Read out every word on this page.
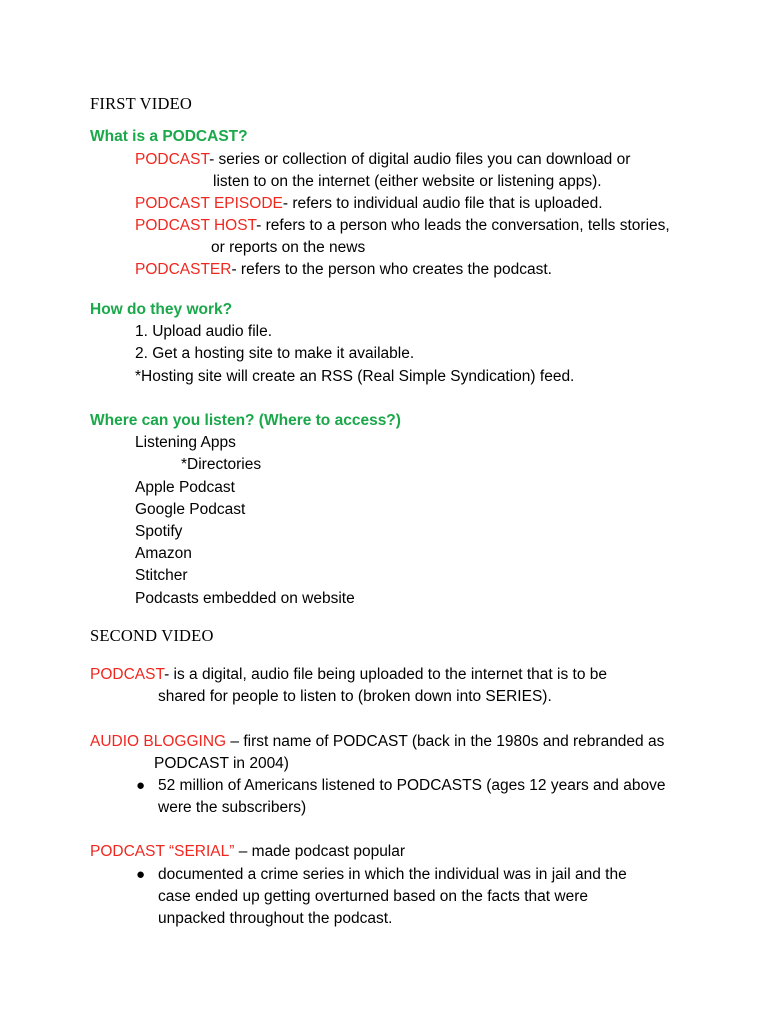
FIRST VIDEO
What is a PODCAST?
PODCAST- series or collection of digital audio files you can download or
listen to on the internet (either website or listening apps).
PODCAST EPISODE- refers to individual audio file that is uploaded.
PODCAST HOST- refers to a person who leads the conversation, tells stories,
or reports on the news
PODCASTER- refers to the person who creates the podcast.
How do they work?
1. Upload audio file.
2. Get a hosting site to make it available.
*Hosting site will create an RSS (Real Simple Syndication) feed.
Where can you listen? (Where to access?)
Listening Apps
*Directories
Apple Podcast
Google Podcast
Spotify
Amazon
Stitcher
Podcasts embedded on website
SECOND VIDEO
PODCAST- is a digital, audio file being uploaded to the internet that is to be
shared for people to listen to (broken down into SERIES).
AUDIO BLOGGING – first name of PODCAST (back in the 1980s and rebranded as
PODCAST in 2004)
● 52 million of Americans listened to PODCASTS (ages 12 years and above
were the subscribers)
PODCAST “SERIAL” – made podcast popular
● documented a crime series in which the individual was in jail and the
case ended up getting overturned based on the facts that were
unpacked throughout the podcast.
